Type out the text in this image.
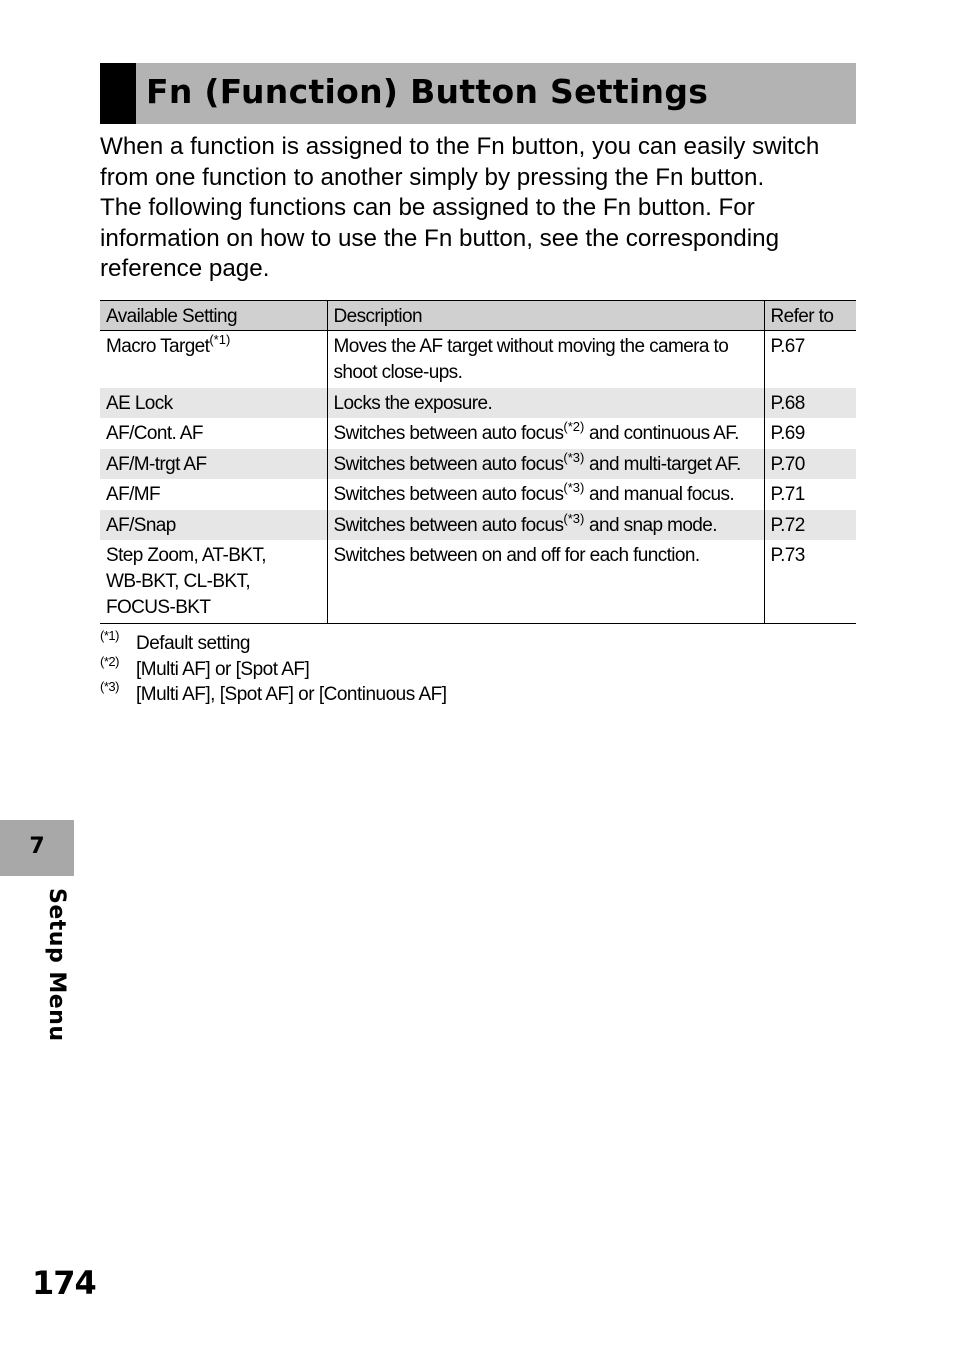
Fn (Function) Button Settings

When a function is assigned to the Fn button, you can easily switch from one function to another simply by pressing the Fn button.

The following functions can be assigned to the Fn button. For information on how to use the Fn button, see the corresponding reference page.

Available Setting	Description	Refer to
Macro Target$^{(*1)}$	Moves the AF target without moving the camera to shoot close-ups.	P.67
AE Lock	Locks the exposure.	P.68
AF/Cont. AF	Switches between auto focus$^{(*2)}$ and continuous AF.	P.69
AF/M-trgt AF	Switches between auto focus$^{(*3)}$ and multi-target AF.	P.70
AF/MF	Switches between auto focus$^{(*3)}$ and manual focus.	P.71
AF/Snap	Switches between auto focus$^{(*3)}$ and snap mode.	P.72
Step Zoom, AT-BKT, WB-BKT, CL-BKT, FOCUS-BKT	Switches between on and off for each function.	P.73
(*1) Default setting
(*2) [Multi AF] or [Spot AF]
(*3) [Multi AF], [Spot AF] or [Continuous AF]
7
Setup Menu
174
